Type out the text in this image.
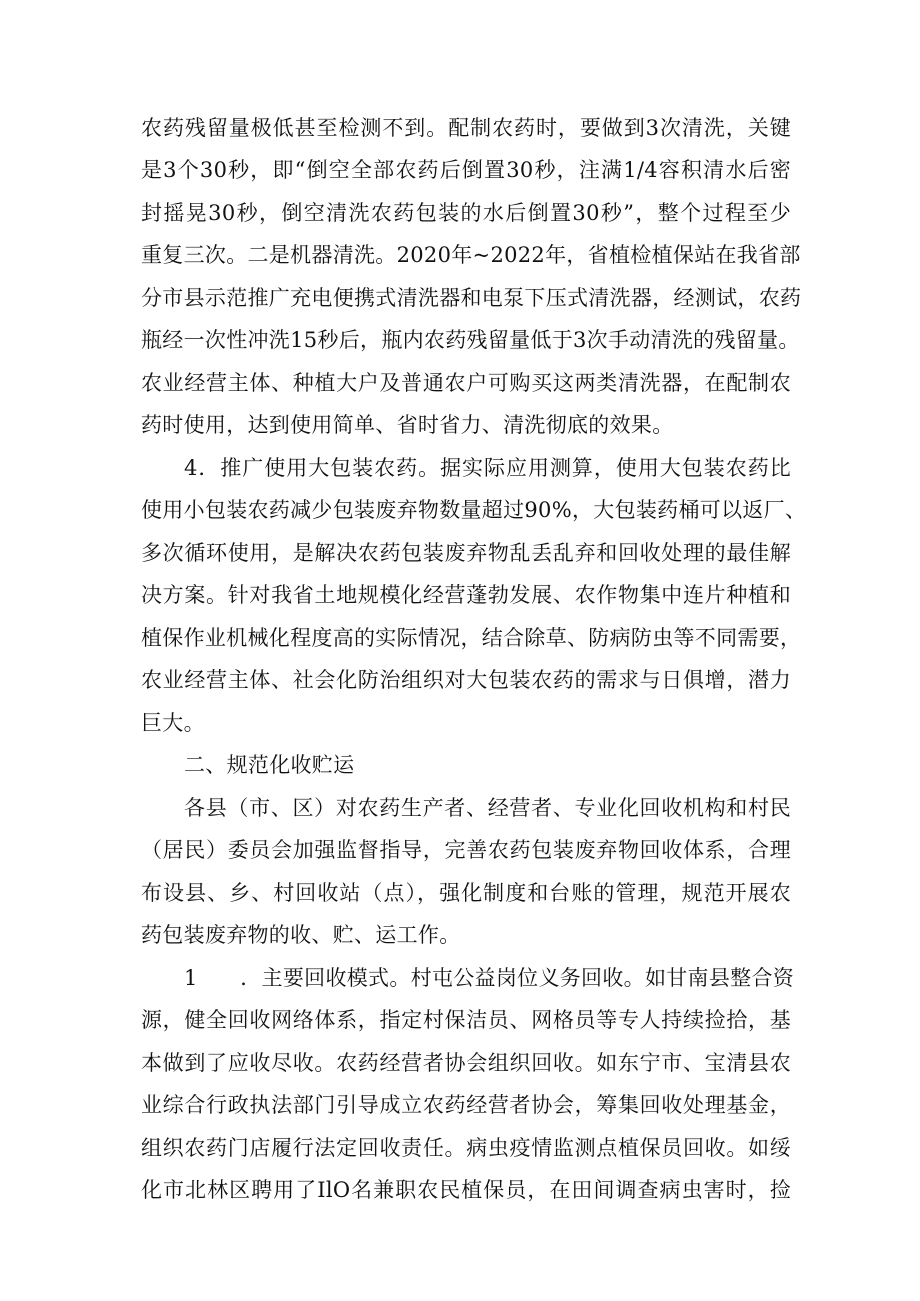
农药残留量极低甚至检测不到。配制农药时，要做到3次清洗，关键
是3个30秒，即“倒空全部农药后倒置30秒，注满1/4容积清水后密
封摇晃30秒，倒空清洗农药包装的水后倒置30秒”，整个过程至少
重复三次。二是机器清洗。2020年~2022年，省植检植保站在我省部
分市县示范推广充电便携式清洗器和电泵下压式清洗器，经测试，农药
瓶经一次性冲洗15秒后，瓶内农药残留量低于3次手动清洗的残留量。
农业经营主体、种植大户及普通农户可购买这两类清洗器，在配制农
药时使用，达到使用简单、省时省力、清洗彻底的效果。
4．推广使用大包装农药。据实际应用测算，使用大包装农药比
使用小包装农药减少包装废弃物数量超过90%，大包装药桶可以返厂、
多次循环使用，是解决农药包装废弃物乱丢乱弃和回收处理的最佳解
决方案。针对我省土地规模化经营蓬勃发展、农作物集中连片种植和
植保作业机械化程度高的实际情况，结合除草、防病防虫等不同需要，
农业经营主体、社会化防治组织对大包装农药的需求与日俱增，潜力
巨大。
二、规范化收贮运
各县（市、区）对农药生产者、经营者、专业化回收机构和村民
（居民）委员会加强监督指导，完善农药包装废弃物回收体系，合理
布设县、乡、村回收站（点），强化制度和台账的管理，规范开展农
药包装废弃物的收、贮、运工作。
1　　．主要回收模式。村屯公益岗位义务回收。如甘南县整合资
源，健全回收网络体系，指定村保洁员、网格员等专人持续捡拾，基
本做到了应收尽收。农药经营者协会组织回收。如东宁市、宝清县农
业综合行政执法部门引导成立农药经营者协会，筹集回收处理基金，
组织农药门店履行法定回收责任。病虫疫情监测点植保员回收。如绥
化市北林区聘用了IlO名兼职农民植保员，在田间调查病虫害时，捡
